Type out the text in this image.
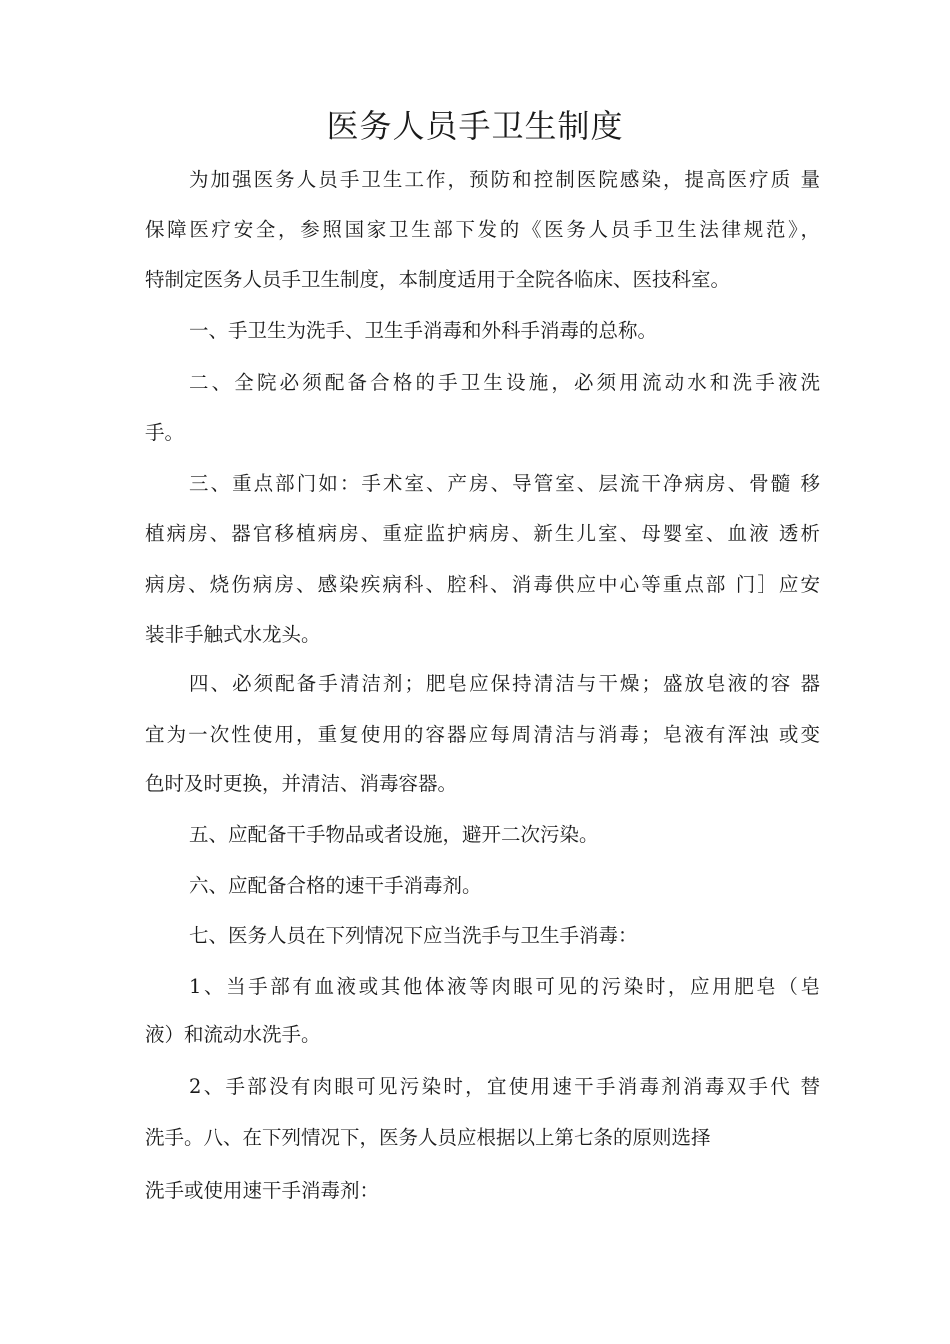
医务人员手卫生制度
为加强医务人员手卫生工作，预防和控制医院感染，提高医疗质 量
保障医疗安全，参照国家卫生部下发的《医务人员手卫生法律规范》，
特制定医务人员手卫生制度，本制度适用于全院各临床、医技科室。
一、手卫生为洗手、卫生手消毒和外科手消毒的总称。
二、全院必须配备合格的手卫生设施，必须用流动水和洗手液洗
手。
三、重点部门如：手术室、产房、导管室、层流干净病房、骨髓 移
植病房、器官移植病房、重症监护病房、新生儿室、母婴室、血液 透析
病房、烧伤病房、感染疾病科、腔科、消毒供应中心等重点部 门］应安
装非手触式水龙头。
四、必须配备手清洁剂；肥皂应保持清洁与干燥；盛放皂液的容 器
宜为一次性使用，重复使用的容器应每周清洁与消毒；皂液有浑浊 或变
色时及时更换，并清洁、消毒容器。
五、应配备干手物品或者设施，避开二次污染。
六、应配备合格的速干手消毒剂。
七、医务人员在下列情况下应当洗手与卫生手消毒：
1、当手部有血液或其他体液等肉眼可见的污染时，应用肥皂（皂
液）和流动水洗手。
2、手部没有肉眼可见污染时，宜使用速干手消毒剂消毒双手代 替
洗手。八、在下列情况下，医务人员应根据以上第七条的原则选择
洗手或使用速干手消毒剂：
